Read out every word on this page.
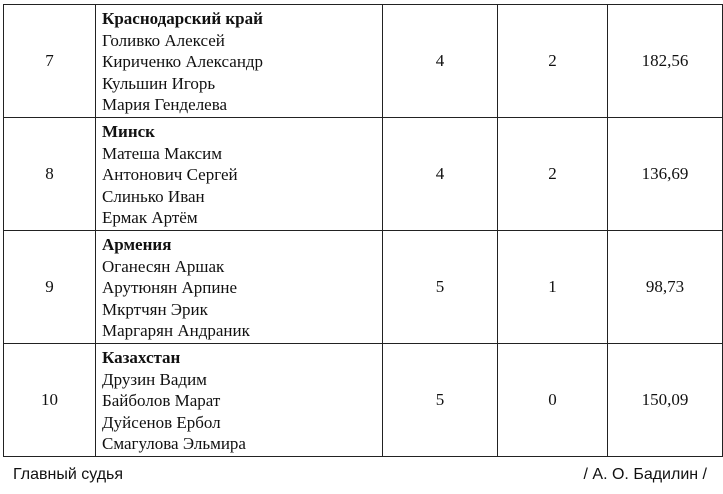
7	Краснодарский край
Голивко Алексей
Кириченко Александр
Кульшин Игорь
Мария Генделева	4	2	182,56
8	Минск
Матеша Максим
Антонович Сергей
Слинько Иван
Ермак Артём	4	2	136,69
9	Армения
Оганесян Аршак
Арутюнян Арпине
Мкртчян Эрик
Маргарян Андраник	5	1	98,73
10	Казахстан
Друзин Вадим
Байболов Марат
Дуйсенов Ербол
Смагулова Эльмира	5	0	150,09
Главный судья	/ А. О. Бадилин /
